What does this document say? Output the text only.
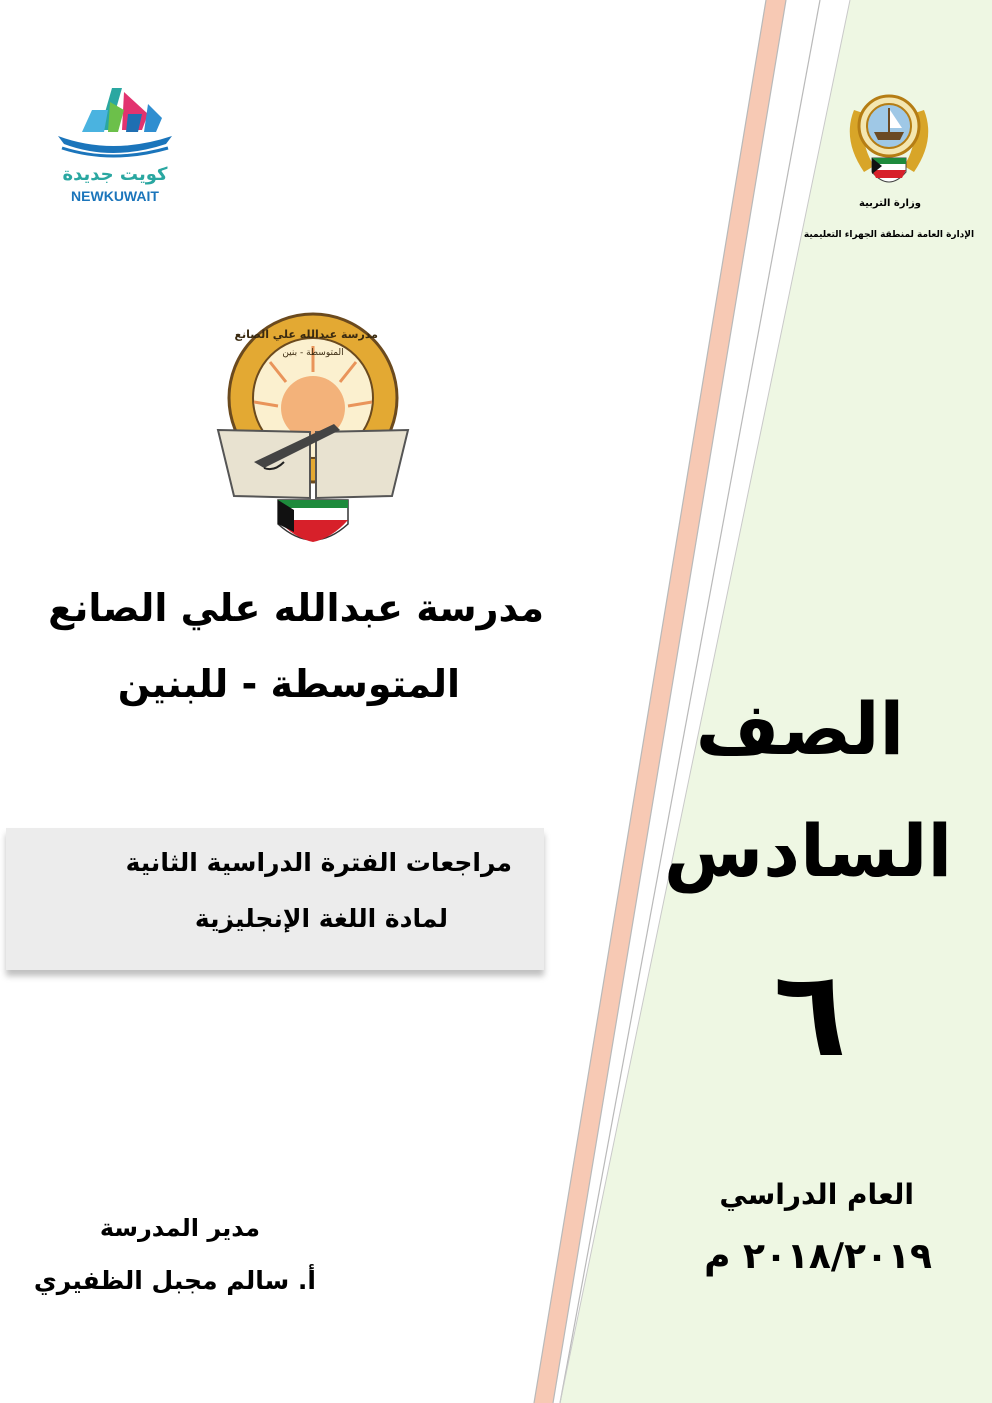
كويت جديدة
NEWKUWAIT	وزارة التربية
الإدارة العامة لمنطقة الجهراء التعليمية
مدرسة عبدالله علي الصانع
المتوسطة - بنين
مدرسة عبدالله علي الصانع
المتوسطة - للبنين
مراجعات الفترة الدراسية الثانية
لمادة اللغة الإنجليزية
الصف
السادس
٦
العام الدراسي
٢٠١٨/٢٠١٩ م
مدير المدرسة
أ. سالم مجبل الظفيري
